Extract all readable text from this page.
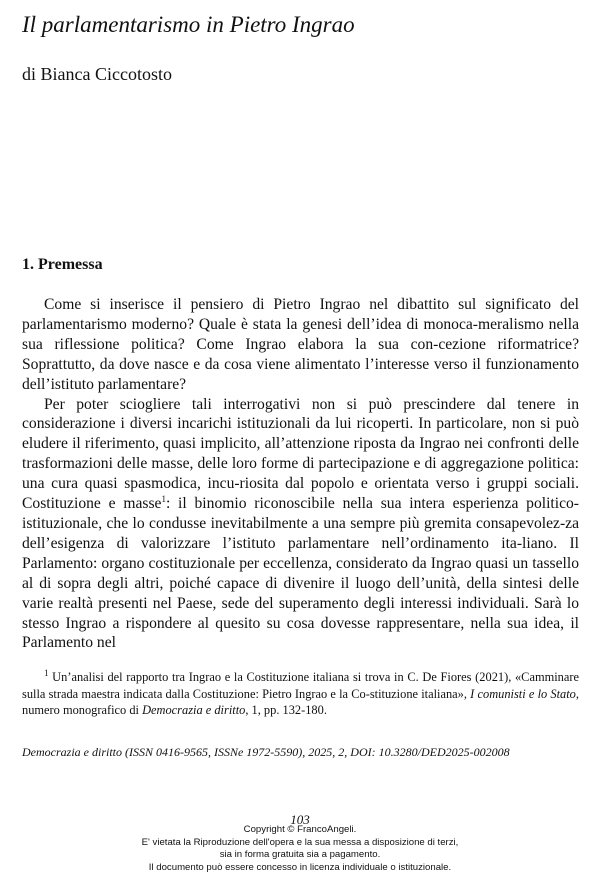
Il parlamentarismo in Pietro Ingrao
di Bianca Ciccotosto
1. Premessa

Come si inserisce il pensiero di Pietro Ingrao nel dibattito sul significato del parlamentarismo moderno? Quale è stata la genesi dell’idea di monoca-meralismo nella sua riflessione politica? Come Ingrao elabora la sua con-cezione riformatrice? Soprattutto, da dove nasce e da cosa viene alimentato l’interesse verso il funzionamento dell’istituto parlamentare?

Per poter sciogliere tali interrogativi non si può prescindere dal tenere in considerazione i diversi incarichi istituzionali da lui ricoperti. In particolare, non si può eludere il riferimento, quasi implicito, all’attenzione riposta da Ingrao nei confronti delle trasformazioni delle masse, delle loro forme di partecipazione e di aggregazione politica: una cura quasi spasmodica, incu-riosita dal popolo e orientata verso i gruppi sociali. Costituzione e masse$^1$: il binomio riconoscibile nella sua intera esperienza politico-istituzionale, che lo condusse inevitabilmente a una sempre più gremita consapevolez-za dell’esigenza di valorizzare l’istituto parlamentare nell’ordinamento ita-liano. Il Parlamento: organo costituzionale per eccellenza, considerato da Ingrao quasi un tassello al di sopra degli altri, poiché capace di divenire il luogo dell’unità, della sintesi delle varie realtà presenti nel Paese, sede del superamento degli interessi individuali. Sarà lo stesso Ingrao a rispondere al quesito su cosa dovesse rappresentare, nella sua idea, il Parlamento nel

$^1$ Un’analisi del rapporto tra Ingrao e la Costituzione italiana si trova in C. De Fiores (2021), «Camminare sulla strada maestra indicata dalla Costituzione: Pietro Ingrao e la Co-stituzione italiana», I comunisti e lo Stato, numero monografico di Democrazia e diritto, 1, pp. 132-180.

Democrazia e diritto (ISSN 0416-9565, ISSNe 1972-5590), 2025, 2, DOI: 10.3280/DED2025-002008
103
Copyright © FrancoAngeli.
E' vietata la Riproduzione dell'opera e la sua messa a disposizione di terzi,
sia in forma gratuita sia a pagamento.
Il documento può essere concesso in licenza individuale o istituzionale.
